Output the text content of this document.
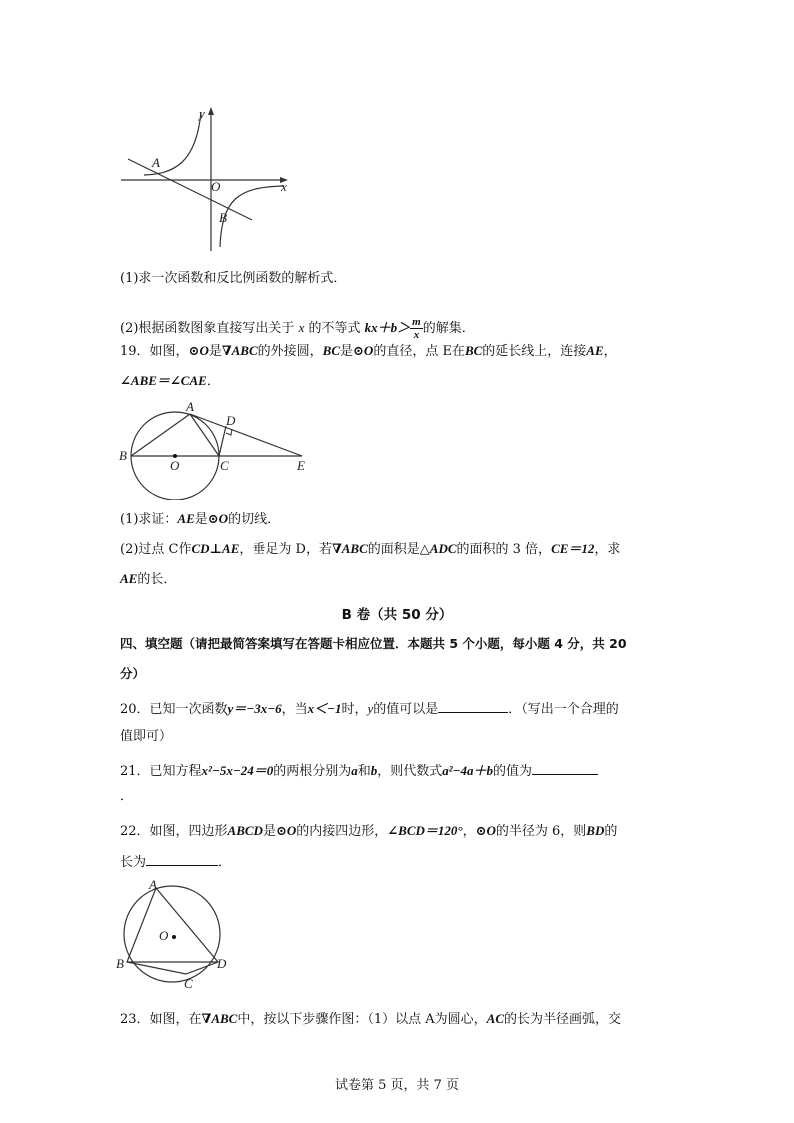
y
x
O
A
B
(1)求一次函数和反比例函数的解析式．
(2)根据函数图象直接写出关于 x 的不等式 $kx+b> \frac{m}{x}$ 的解集．
19．如图，⊙O是∇ABC的外接圆，BC是⊙O的直径，点 E在BC的延长线上，连接AE，
∠ABE＝∠CAE．
A
B
O	C
D
E
(1)求证：AE是⊙O的切线．
(2)过点 C作CD⊥AE，垂足为 D，若∇ABC的面积是△ADC的面积的 3 倍，CE＝12，求
AE的长．
B 卷（共 50 分）
四、填空题（请把最简答案填写在答题卡相应位置．本题共 5 个小题，每小题 4 分，共 20
分）
20．已知一次函数y＝−3x−6，当x＜−1时，y的值可以是	．（写出一个合理的
值即可）
21．已知方程x²−5x−24＝0的两根分别为a和b，则代数式a²−4a＋b的值为
．
22．如图，四边形ABCD是⊙O的内接四边形，∠BCD＝120°，⊙O的半径为 6，则BD的
长为	．
A
O
B	D
C
23．如图，在∇ABC中，按以下步骤作图：（1）以点 A为圆心，AC的长为半径画弧，交
试卷第 5 页，共 7 页
